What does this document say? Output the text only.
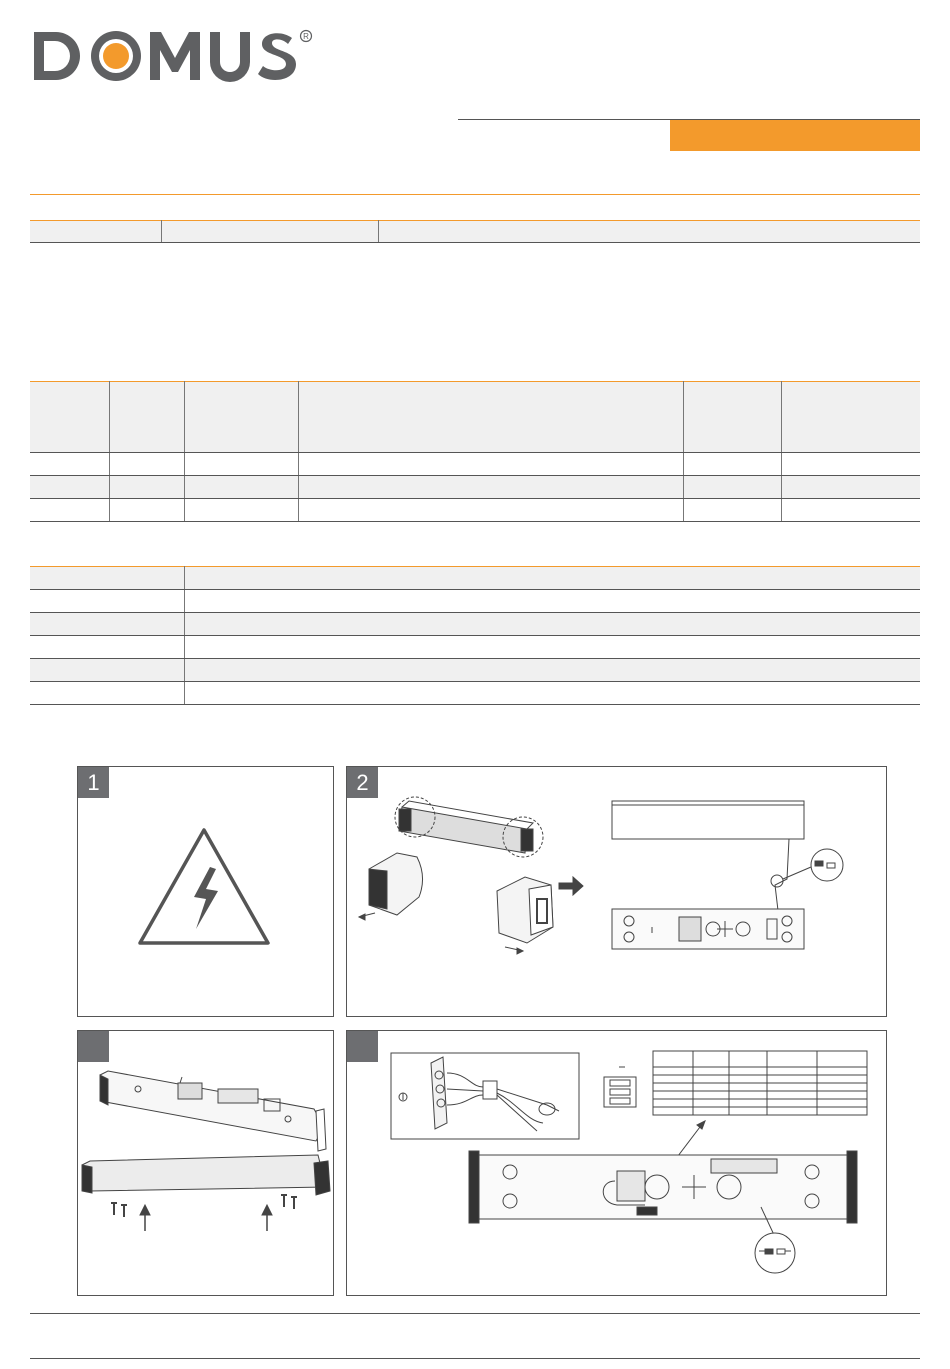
R

1	2
